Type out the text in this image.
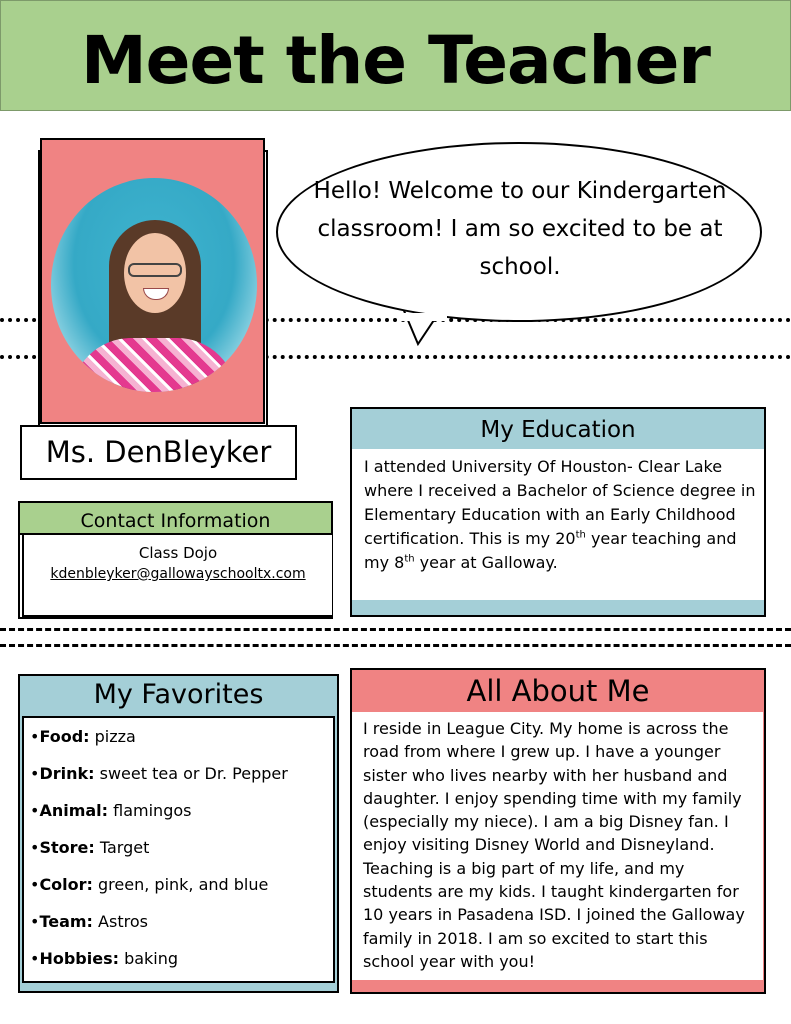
Meet the Teacher
Hello! Welcome to our Kindergarten classroom! I am so excited to be at school.
Ms. DenBleyker
Contact Information
Class Dojo
kdenbleyker@gallowayschooltx.com
My Education
I attended University Of Houston- Clear Lake where I received a Bachelor of Science degree in Elementary Education with an Early Childhood certification. This is my 20th year teaching and my 8th year at Galloway.
My Favorites
•Food: pizza
•Drink: sweet tea or Dr. Pepper
•Animal: flamingos
•Store: Target
•Color: green, pink, and blue
•Team: Astros
•Hobbies: baking
All About Me
I reside in League City. My home is across the road from where I grew up. I have a younger sister who lives nearby with her husband and daughter. I enjoy spending time with my family (especially my niece). I am a big Disney fan. I enjoy visiting Disney World and Disneyland. Teaching is a big part of my life, and my students are my kids. I taught kindergarten for 10 years in Pasadena ISD. I joined the Galloway family in 2018. I am so excited to start this school year with you!
